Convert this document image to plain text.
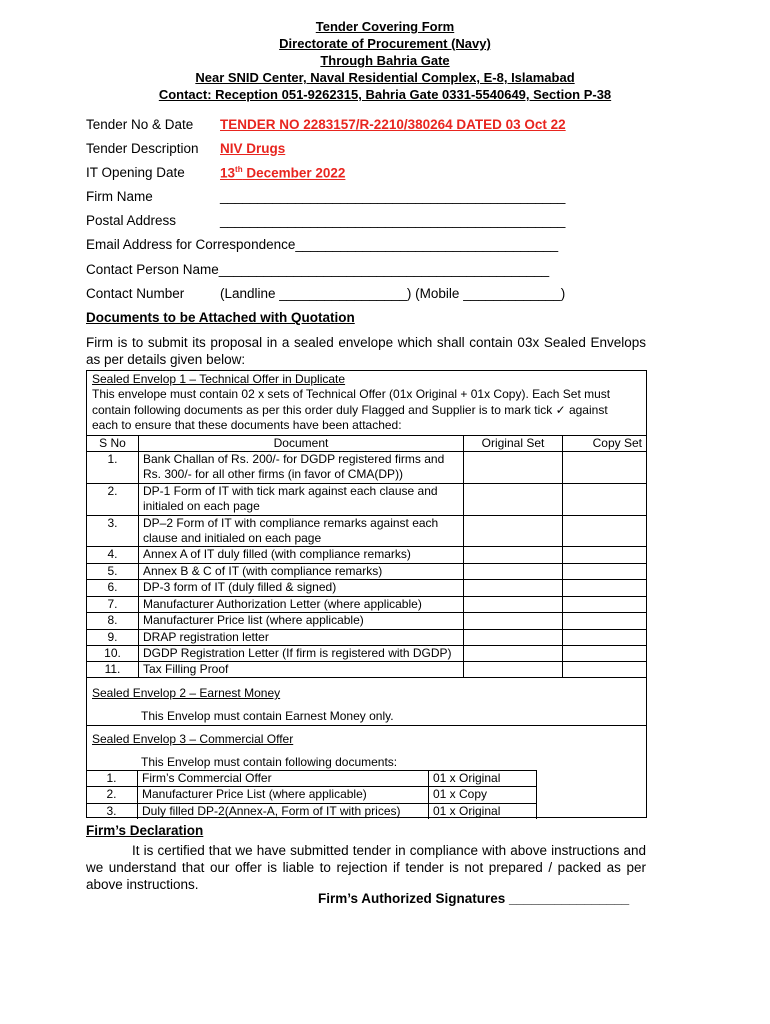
Tender Covering Form
Directorate of Procurement (Navy)
Through Bahria Gate
Near SNID Center, Naval Residential Complex, E-8, Islamabad
Contact: Reception 051-9262315, Bahria Gate 0331-5540649, Section P-38
Tender No & Date TENDER NO 2283157/R-2210/380264 DATED 03 Oct 22
Tender Description NIV Drugs
IT Opening Date	13th December 2022
Firm Name	______________________________________________
Postal Address	______________________________________________
Email Address for Correspondence___________________________________
Contact Person Name____________________________________________
Contact Number	(Landline _________________) (Mobile _____________)
Documents to be Attached with Quotation
Firm is to submit its proposal in a sealed envelope which shall contain 03x Sealed Envelops as per details given below:
Sealed Envelop 1 – Technical Offer in Duplicate
This envelope must contain 02 x sets of Technical Offer (01x Original + 01x Copy). Each Set must
contain following documents as per this order duly Flagged and Supplier is to mark tick ✓ against
each to ensure that these documents have been attached:
S No	Document	Original Set	Copy Set
1.	Bank Challan of Rs. 200/- for DGDP registered firms and Rs. 300/- for all other firms (in favor of CMA(DP))		
2.	DP-1 Form of IT with tick mark against each clause and initialed on each page		
3.	DP–2 Form of IT with compliance remarks against each clause and initialed on each page		
4.	Annex A of IT duly filled (with compliance remarks)		
5.	Annex B & C of IT (with compliance remarks)		
6.	DP-3 form of IT (duly filled & signed)		
7.	Manufacturer Authorization Letter (where applicable)		
8.	Manufacturer Price list (where applicable)		
9.	DRAP registration letter		
10.	DGDP Registration Letter (If firm is registered with DGDP)		
11.	Tax Filling Proof		
Sealed Envelop 2 – Earnest Money
This Envelop must contain Earnest Money only.
Sealed Envelop 3 – Commercial Offer
This Envelop must contain following documents:
1.	Firm’s Commercial Offer	01 x Original
2.	Manufacturer Price List (where applicable)	01 x Copy
3.	Duly filled DP-2(Annex-A, Form of IT with prices)	01 x Original
Firm’s Declaration
It is certified that we have submitted tender in compliance with above instructions and we understand that our offer is liable to rejection if tender is not prepared / packed as per above instructions.
Firm’s Authorized Signatures ________________
